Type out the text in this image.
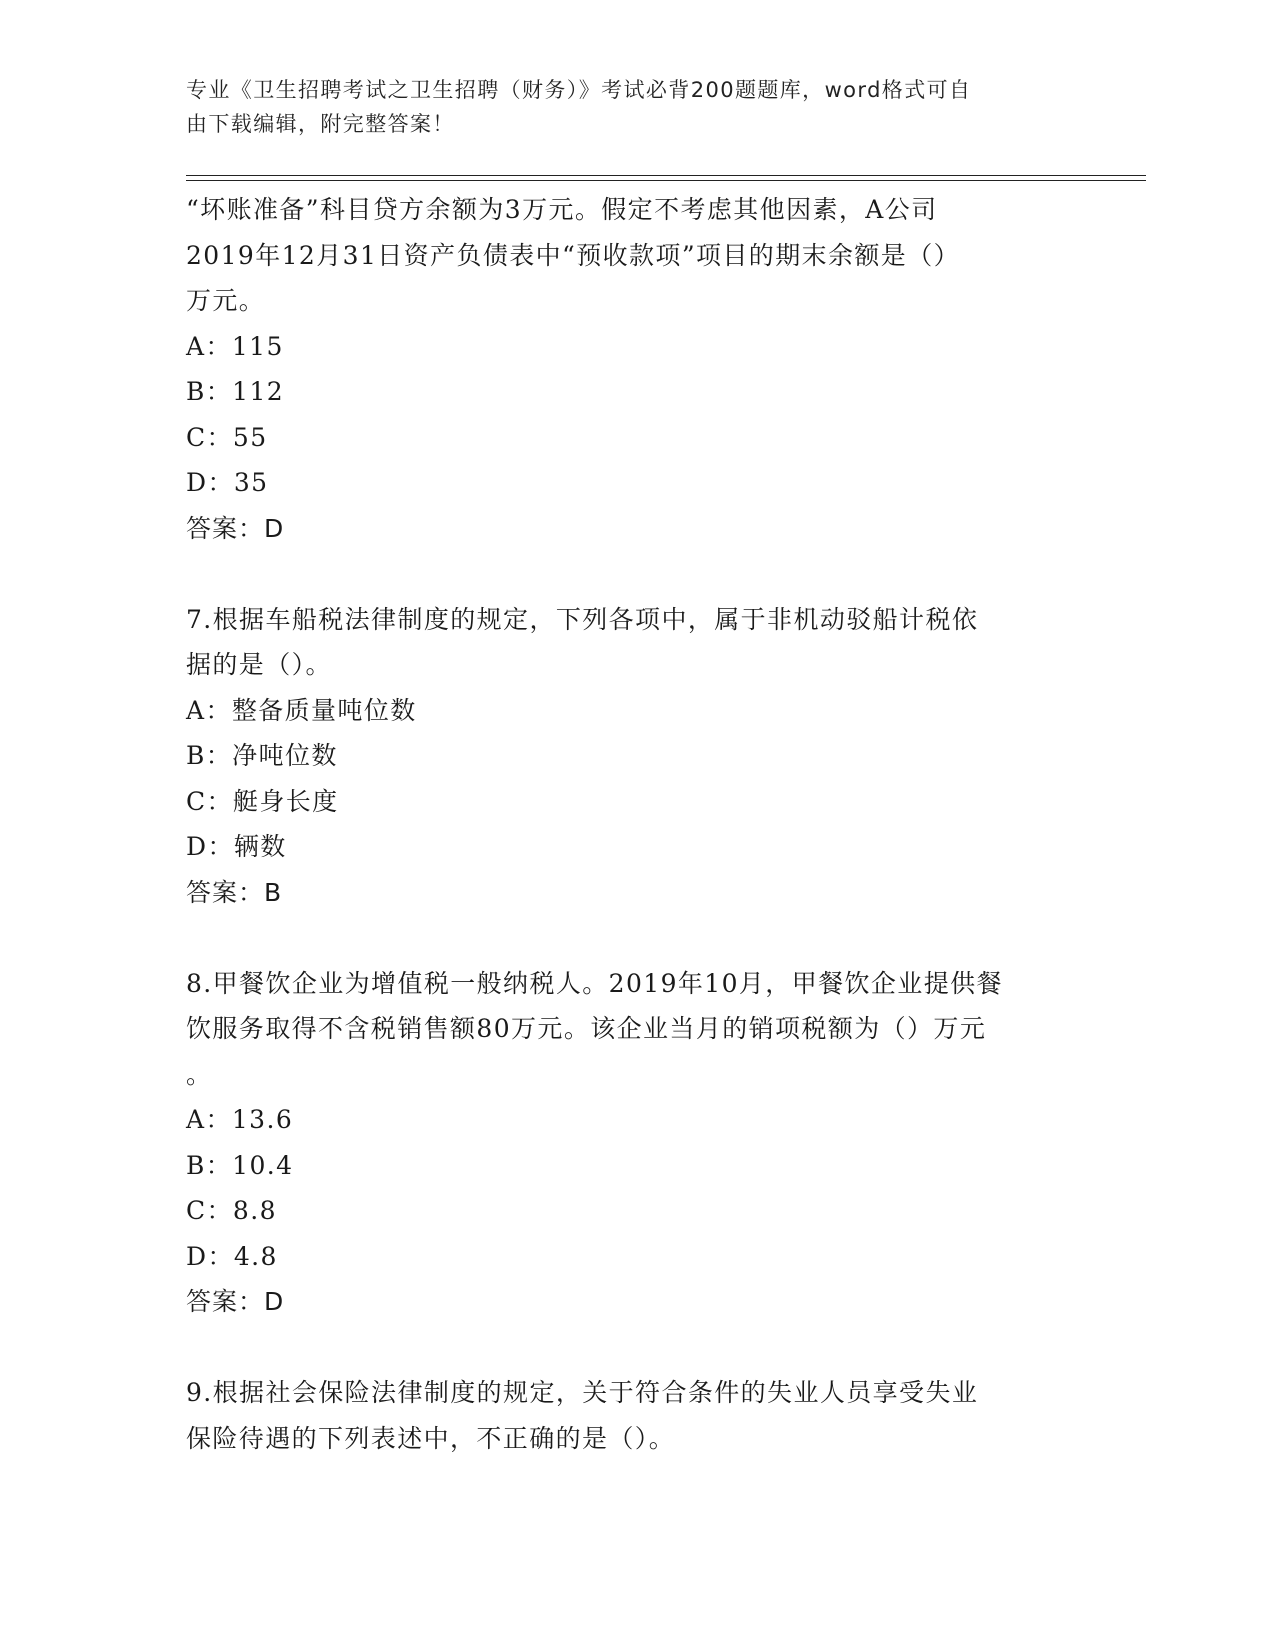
专业《卫生招聘考试之卫生招聘（财务）》考试必背200题题库，word格式可自
由下载编辑，附完整答案！

“坏账准备”科目贷方余额为3万元。假定不考虑其他因素，A公司

2019年12月31日资产负债表中“预收款项”项目的期末余额是（）

万元。

A：115

B：112

C：55

D：35

答案：D

7.根据车船税法律制度的规定，下列各项中，属于非机动驳船计税依

据的是（）。

A：整备质量吨位数

B：净吨位数

C：艇身长度

D：辆数

答案：B

8.甲餐饮企业为增值税一般纳税人。2019年10月，甲餐饮企业提供餐

饮服务取得不含税销售额80万元。该企业当月的销项税额为（）万元

。

A：13.6

B：10.4

C：8.8

D：4.8

答案：D

9.根据社会保险法律制度的规定，关于符合条件的失业人员享受失业

保险待遇的下列表述中，不正确的是（）。
